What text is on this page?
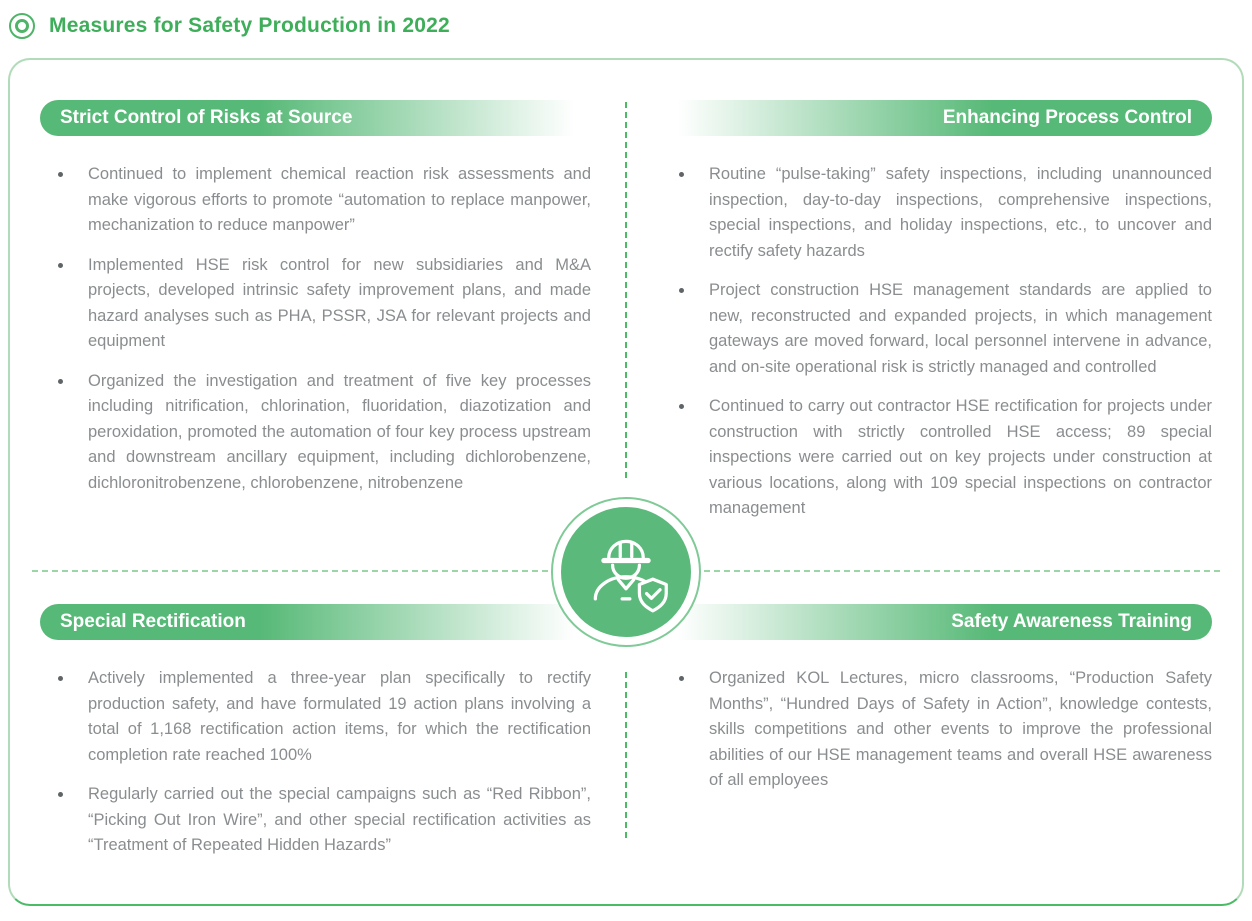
Measures for Safety Production in 2022
Strict Control of Risks at Source	Enhancing Process Control
Continued to implement chemical reaction risk assessments and make vigorous efforts to promote “automation to replace manpower, mechanization to reduce manpower”
Implemented HSE risk control for new subsidiaries and M&A projects, developed intrinsic safety improvement plans, and made hazard analyses such as PHA, PSSR, JSA for relevant projects and equipment
Organized the investigation and treatment of five key processes including nitrification, chlorination, fluoridation, diazotization and peroxidation, promoted the automation of four key process upstream and downstream ancillary equipment, including dichlorobenzene, dichloronitrobenzene, chlorobenzene, nitrobenzene
Routine “pulse-taking” safety inspections, including unannounced inspection, day-to-day inspections, comprehensive inspections, special inspections, and holiday inspections, etc., to uncover and rectify safety hazards
Project construction HSE management standards are applied to new, reconstructed and expanded projects, in which management gateways are moved forward, local personnel intervene in advance, and on-site operational risk is strictly managed and controlled
Continued to carry out contractor HSE rectification for projects under construction with strictly controlled HSE access; 89 special inspections were carried out on key projects under construction at various locations, along with 109 special inspections on contractor management
Special Rectification	Safety Awareness Training
Actively implemented a three-year plan specifically to rectify production safety, and have formulated 19 action plans involving a total of 1,168 rectification action items, for which the rectification completion rate reached 100%
Regularly carried out the special campaigns such as “Red Ribbon”, “Picking Out Iron Wire”, and other special rectification activities as “Treatment of Repeated Hidden Hazards”
Organized KOL Lectures, micro classrooms, “Production Safety Months”, “Hundred Days of Safety in Action”, knowledge contests, skills competitions and other events to improve the professional abilities of our HSE management teams and overall HSE awareness of all employees
